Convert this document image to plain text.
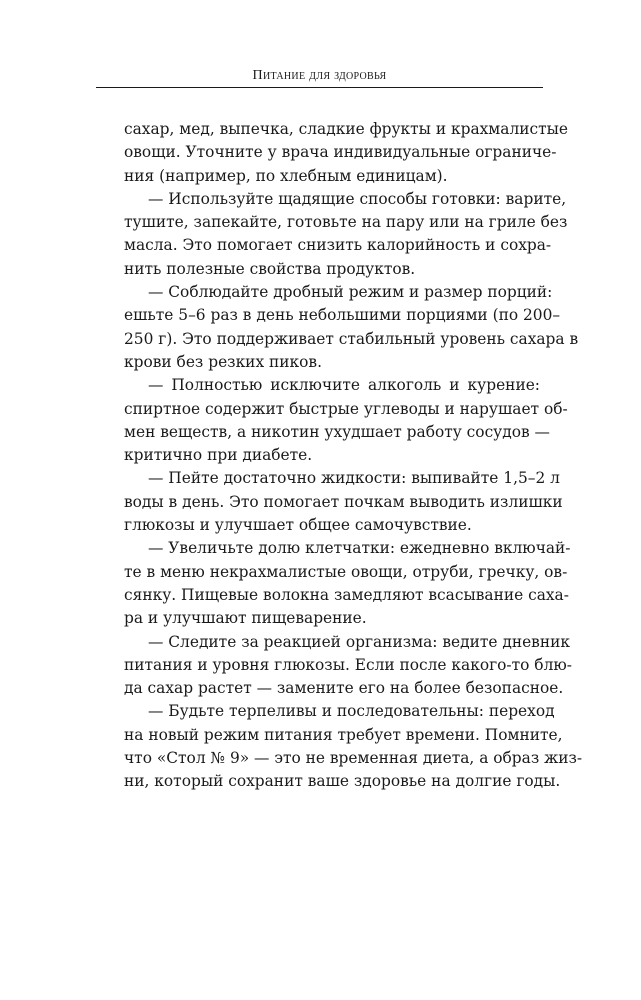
Питание для здоровья
сахар, мед, выпечка, сладкие фрукты и крахмалистые
овощи. Уточните у врача индивидуальные ограниче-
ния (например, по хлебным единицам).
— Используйте щадящие способы готовки: варите,
тушите, запекайте, готовьте на пару или на гриле без
масла. Это помогает снизить калорийность и сохра-
нить полезные свойства продуктов.
— Соблюдайте дробный режим и размер порций:
ешьте 5–6 раз в день небольшими порциями (по 200–
250 г). Это поддерживает стабильный уровень сахара в
крови без резких пиков.
— Полностью исключите алкоголь и курение:
спиртное содержит быстрые углеводы и нарушает об-
мен веществ, а никотин ухудшает работу сосудов —
критично при диабете.
— Пейте достаточно жидкости: выпивайте 1,5–2 л
воды в день. Это помогает почкам выводить излишки
глюкозы и улучшает общее самочувствие.
— Увеличьте долю клетчатки: ежедневно включай-
те в меню некрахмалистые овощи, отруби, гречку, ов-
сянку. Пищевые волокна замедляют всасывание саха-
ра и улучшают пищеварение.
— Следите за реакцией организма: ведите дневник
питания и уровня глюкозы. Если после какого-то блю-
да сахар растет — замените его на более безопасное.
— Будьте терпеливы и последовательны: переход
на новый режим питания требует времени. Помните,
что «Стол № 9» — это не временная диета, а образ жиз-
ни, который сохранит ваше здоровье на долгие годы.
